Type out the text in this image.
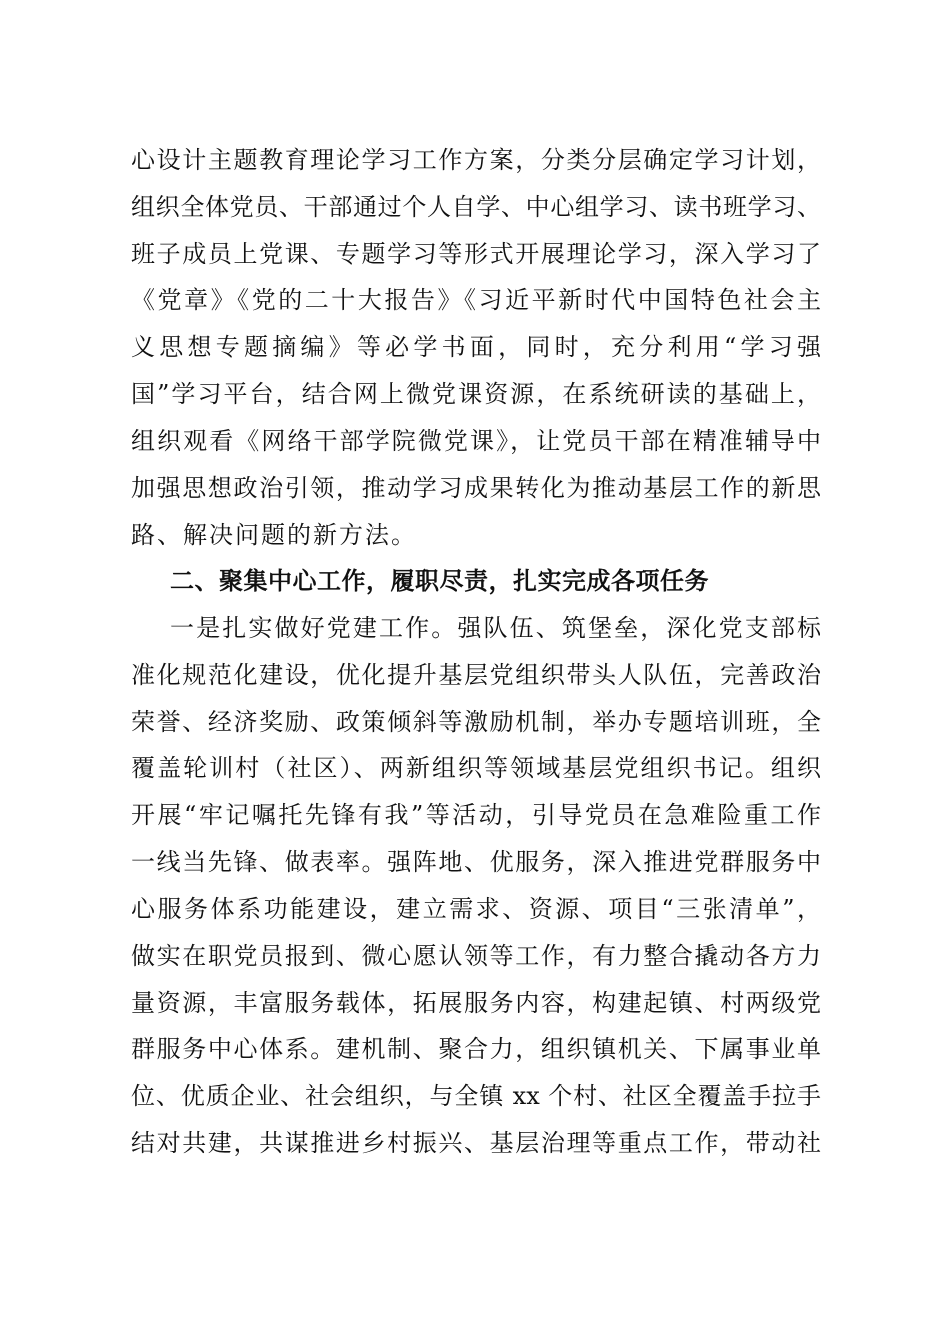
心设计主题教育理论学习工作方案，分类分层确定学习计划，
组织全体党员、干部通过个人自学、中心组学习、读书班学习、
班子成员上党课、专题学习等形式开展理论学习，深入学习了
《党章》《党的二十大报告》《习近平新时代中国特色社会主
义思想专题摘编》等必学书面，同时，充分利用“学习强
国”学习平台，结合网上微党课资源，在系统研读的基础上，
组织观看《网络干部学院微党课》，让党员干部在精准辅导中
加强思想政治引领，推动学习成果转化为推动基层工作的新思
路、解决问题的新方法。
二、聚集中心工作，履职尽责，扎实完成各项任务
一是扎实做好党建工作。强队伍、筑堡垒，深化党支部标
准化规范化建设，优化提升基层党组织带头人队伍，完善政治
荣誉、经济奖励、政策倾斜等激励机制，举办专题培训班，全
覆盖轮训村（社区）、两新组织等领域基层党组织书记。组织
开展“牢记嘱托先锋有我”等活动，引导党员在急难险重工作
一线当先锋、做表率。强阵地、优服务，深入推进党群服务中
心服务体系功能建设，建立需求、资源、项目“三张清单”，
做实在职党员报到、微心愿认领等工作，有力整合撬动各方力
量资源，丰富服务载体，拓展服务内容，构建起镇、村两级党
群服务中心体系。建机制、聚合力，组织镇机关、下属事业单
位、优质企业、社会组织，与全镇 xx 个村、社区全覆盖手拉手
结对共建，共谋推进乡村振兴、基层治理等重点工作，带动社
